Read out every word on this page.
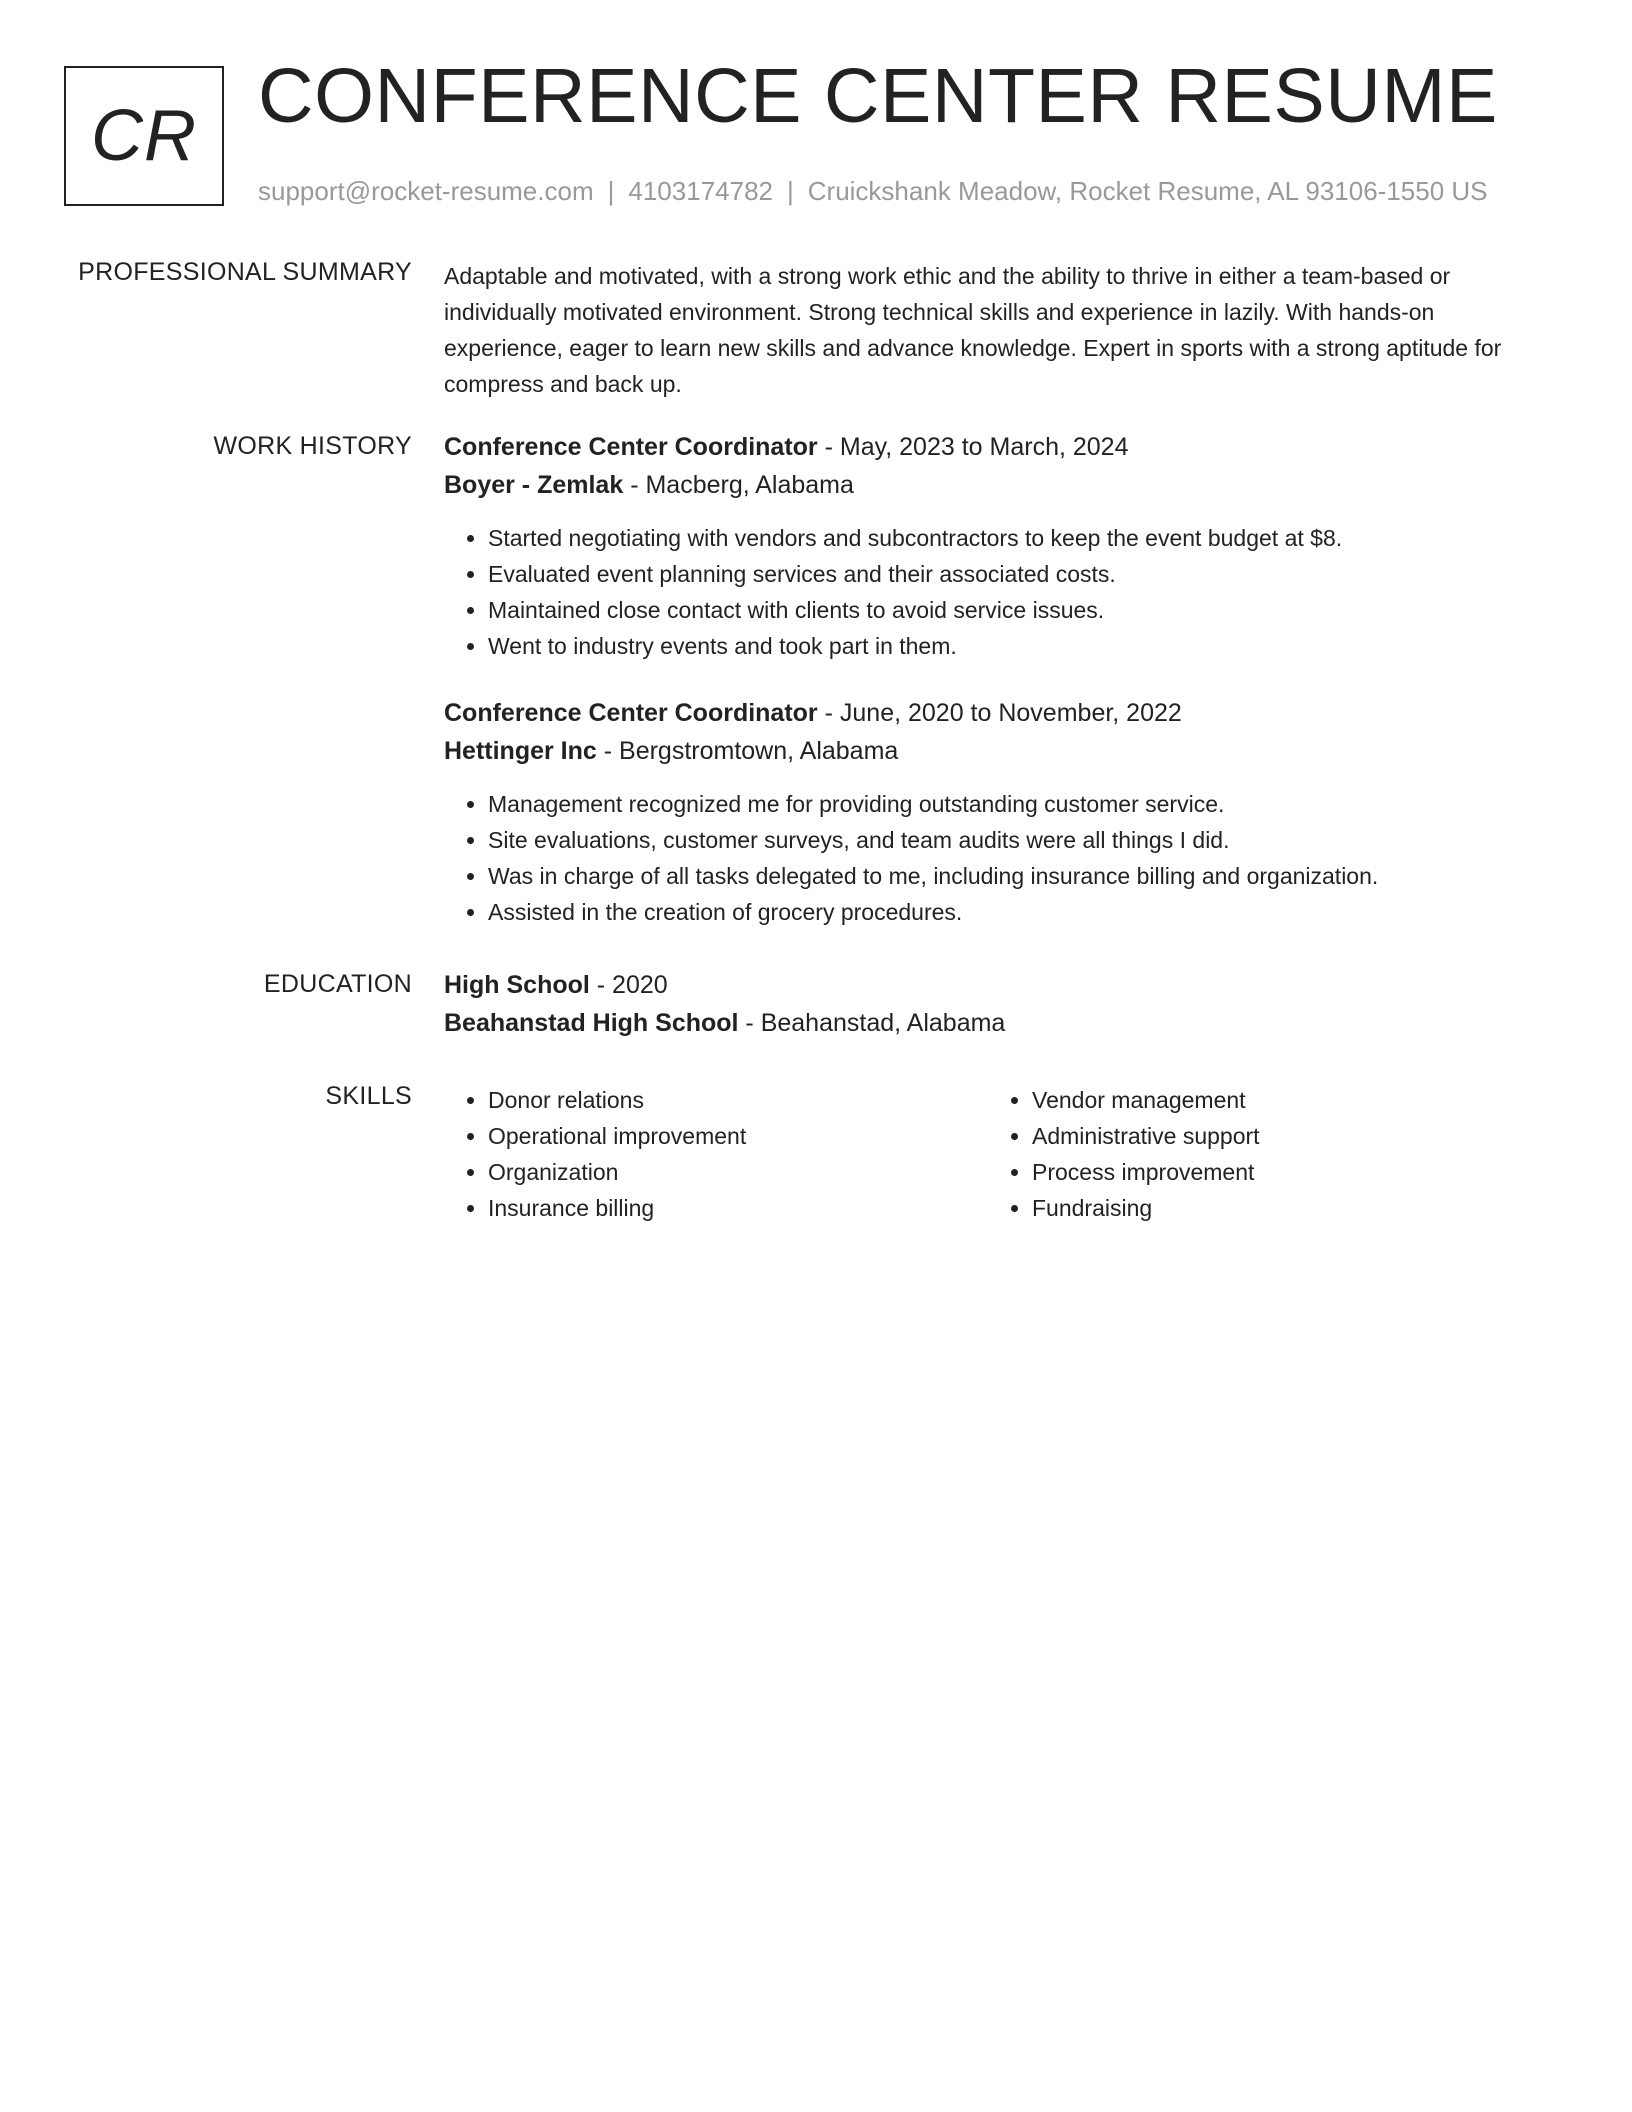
CR CONFERENCE CENTER RESUME
support@rocket-resume.com | 4103174782 | Cruickshank Meadow, Rocket Resume, AL 93106-1550 US
PROFESSIONAL SUMMARY Adaptable and motivated, with a strong work ethic and the ability to thrive in either a team-based or individually motivated environment. Strong technical skills and experience in lazily. With hands-on experience, eager to learn new skills and advance knowledge. Expert in sports with a strong aptitude for compress and back up.

WORK HISTORY Conference Center Coordinator - May, 2023 to March, 2024
Boyer - Zemlak - Macberg, Alabama
• Started negotiating with vendors and subcontractors to keep the event budget at $8.
• Evaluated event planning services and their associated costs.
• Maintained close contact with clients to avoid service issues.
• Went to industry events and took part in them.
Conference Center Coordinator - June, 2020 to November, 2022
Hettinger Inc - Bergstromtown, Alabama
• Management recognized me for providing outstanding customer service.
• Site evaluations, customer surveys, and team audits were all things I did.
• Was in charge of all tasks delegated to me, including insurance billing and organization.
• Assisted in the creation of grocery procedures.
EDUCATION High School - 2020
Beahanstad High School - Beahanstad, Alabama
SKILLS
•	Donor relations
• Operational improvement
• Organization
• Insurance billing
• Vendor management
• Administrative support
• Process improvement
• Fundraising
